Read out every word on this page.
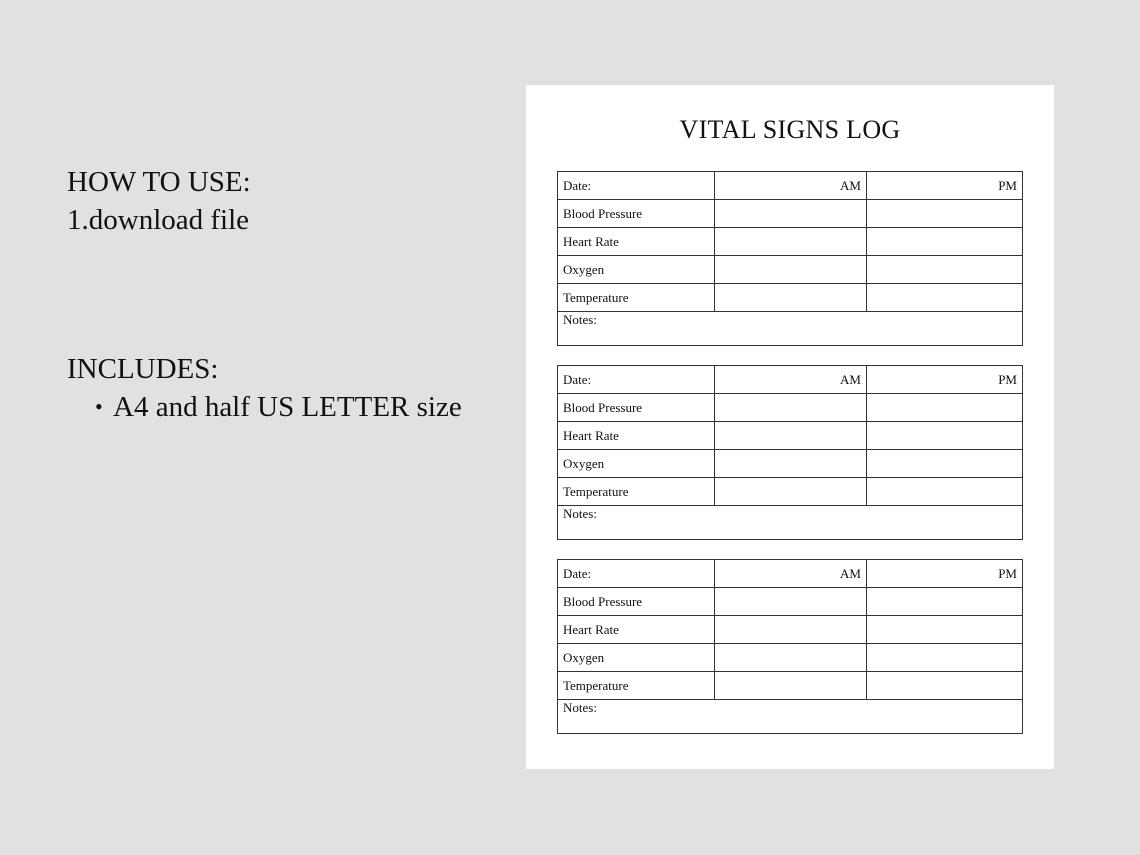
HOW TO USE:
1.download file
INCLUDES:
• A4 and half US LETTER size
VITAL SIGNS LOG
Date:	AM	PM
Blood Pressure		
Heart Rate		
Oxygen		
Temperature		
Notes:		
Date:	AM	PM
Blood Pressure		
Heart Rate		
Oxygen		
Temperature		
Notes:		
Date:	AM	PM
Blood Pressure		
Heart Rate		
Oxygen		
Temperature		
Notes:		
